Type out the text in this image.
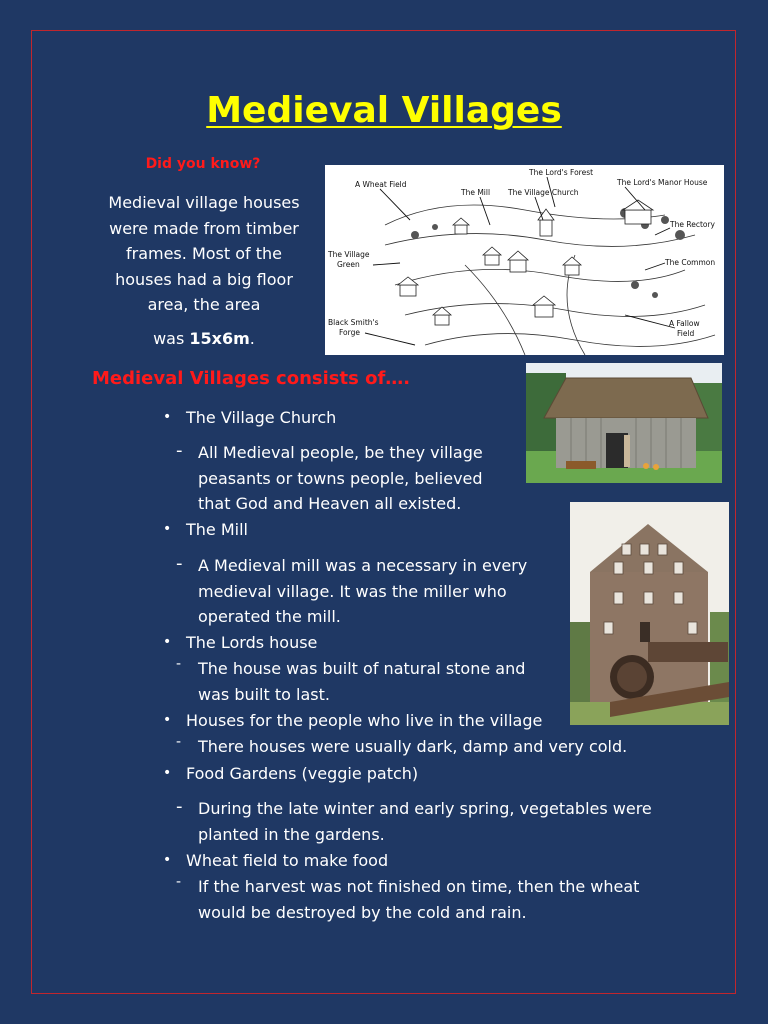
Medieval Villages
Did you know?
Medieval village houses
were made from timber
frames. Most of the
houses had a big floor
area, the area
was 15x6m.
A Wheat Field
The Mill
The Lord's Forest
The Village Church
The Lord's Manor House
The Rectory
The Village
Green	The Common
Black Smith's
Forge
A Fallow
Field
Medieval Villages consists of….
• The Village Church
- All Medieval people, be they village
peasants or towns people, believed
that God and Heaven all existed.
• The Mill
- A Medieval mill was a necessary in every
medieval village. It was the miller who
operated the mill.
• The Lords house
- The house was built of natural stone and
was built to last.
• Houses for the people who live in the village
- There houses were usually dark, damp and very cold.
• Food Gardens (veggie patch)
- During the late winter and early spring, vegetables were
planted in the gardens.
• Wheat field to make food
- If the harvest was not finished on time, then the wheat
would be destroyed by the cold and rain.
